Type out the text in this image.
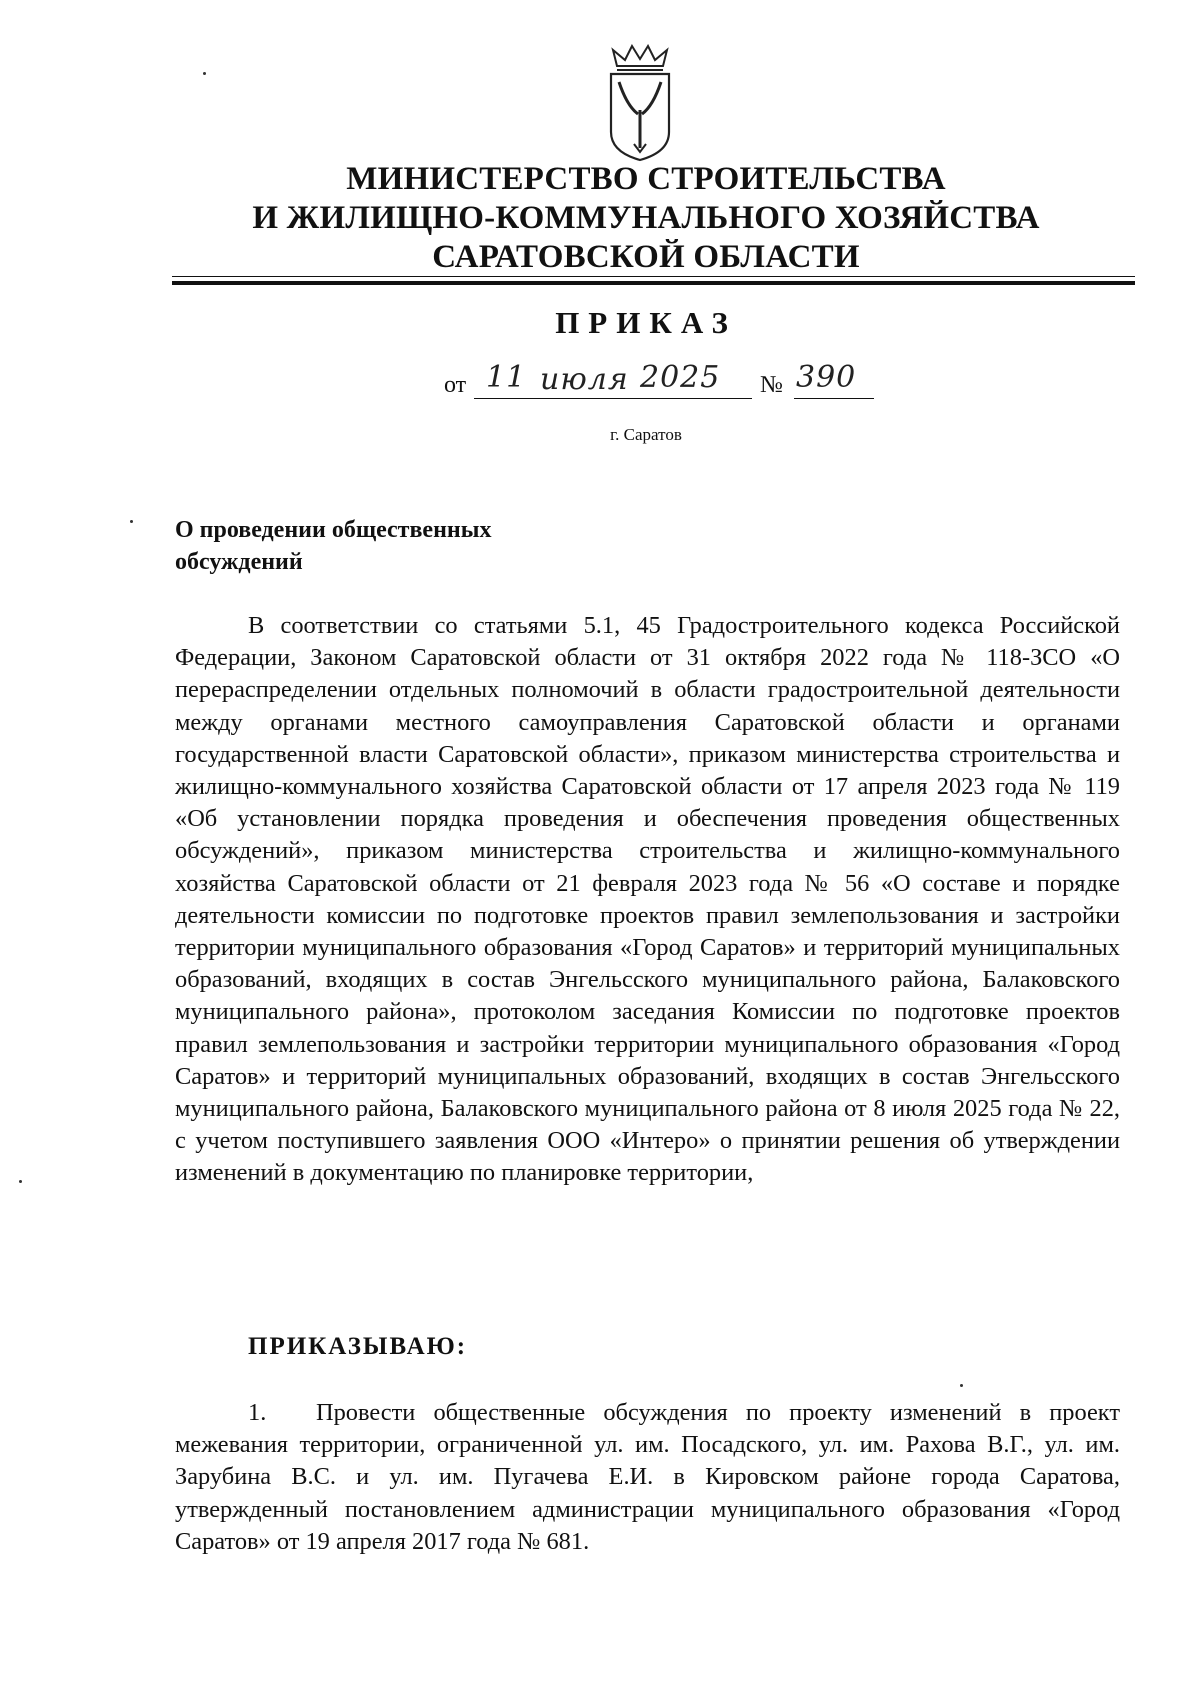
МИНИСТЕРСТВО СТРОИТЕЛЬСТВА
И ЖИЛИЩНО-КОММУНАЛЬНОГО ХОЗЯЙСТВА
САРАТОВСКОЙ ОБЛАСТИ
ПРИКАЗ
от 11 июля 2025 № 390
г. Саратов
О проведении общественных
обсуждений

В соответствии со статьями 5.1, 45 Градостроительного кодекса Российской Федерации, Законом Саратовской области от 31 октября 2022 года № 118-ЗСО «О перераспределении отдельных полномочий в области градостроительной деятельности между органами местного самоуправления Саратовской области и органами государственной власти Саратовской области», приказом министерства строительства и жилищно-коммунального хозяйства Саратовской области от 17 апреля 2023 года № 119 «Об установлении порядка проведения и обеспечения проведения общественных обсуждений», приказом министерства строительства и жилищно-коммунального хозяйства Саратовской области от 21 февраля 2023 года № 56 «О составе и порядке деятельности комиссии по подготовке проектов правил землепользования и застройки территории муниципального образования «Город Саратов» и территорий муниципальных образований, входящих в состав Энгельсского муниципального района, Балаковского муниципального района», протоколом заседания Комиссии по подготовке проектов правил землепользования и застройки территории муниципального образования «Город Саратов» и территорий муниципальных образований, входящих в состав Энгельсского муниципального района, Балаковского муниципального района от 8 июля 2025 года № 22, с учетом поступившего заявления ООО «Интеро» о принятии решения об утверждении изменений в документацию по планировке территории,

ПРИКАЗЫВАЮ:

1. Провести общественные обсуждения по проекту изменений в проект межевания территории, ограниченной ул. им. Посадского, ул. им. Рахова В.Г., ул. им. Зарубина В.С. и ул. им. Пугачева Е.И. в Кировском районе города Саратова, утвержденный постановлением администрации муниципального образования «Город Саратов» от 19 апреля 2017 года № 681.
